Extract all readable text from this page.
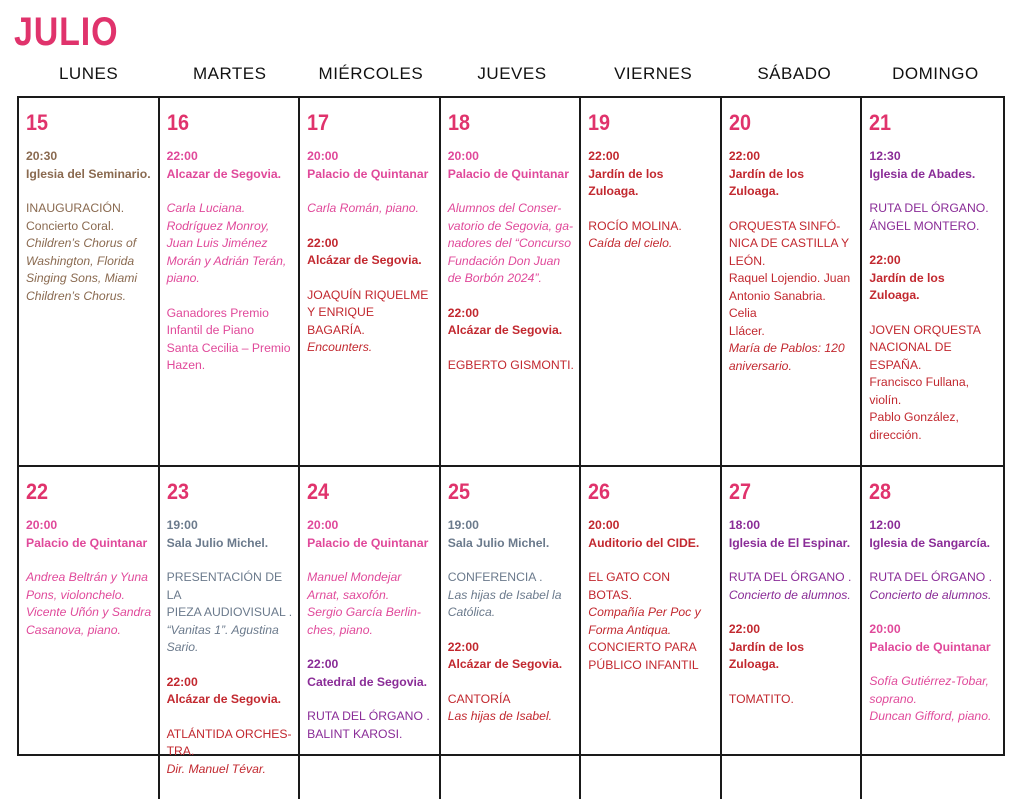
JULIO
LUNES	MARTES	MIÉRCOLES	JUEVES	VIERNES	SÁBADO	DOMINGO
15
20:30
Iglesia del Seminario.
INAUGURACIÓN.
Concierto Coral.
Children’s Chorus of
Washington, Florida
Singing Sons, Miami
Children’s Chorus.
16
22:00
Alcazar de Segovia.
Carla Luciana.
Rodríguez Monroy,
Juan Luis Jiménez
Morán y Adrián Terán,
piano.
Ganadores Premio
Infantil de Piano
Santa Cecilia – Premio
Hazen.
17
20:00
Palacio de Quintanar
Carla Román, piano.
22:00
Alcázar de Segovia.
JOAQUÍN RIQUELME
Y ENRIQUE BAGARÍA.
Encounters.
18
20:00
Palacio de Quintanar
Alumnos del Conser-
vatorio de Segovia, ga-
nadores del “Concurso
Fundación Don Juan
de Borbón 2024”.
22:00
Alcázar de Segovia.
EGBERTO GISMONTI.
19
22:00
Jardín de los Zuloaga.
ROCÍO MOLINA.
Caída del cielo.
20
22:00
Jardín de los Zuloaga.
ORQUESTA SINFÓ-
NICA DE CASTILLA Y
LEÓN.
Raquel Lojendio. Juan
Antonio Sanabria. Celia
Llácer.
María de Pablos: 120
aniversario.
21
12:30
Iglesia de Abades.
RUTA DEL ÓRGANO.
ÁNGEL MONTERO.
22:00
Jardín de los Zuloaga.
JOVEN ORQUESTA
NACIONAL DE ESPAÑA.
Francisco Fullana, violín.
Pablo González,
dirección.
22
20:00
Palacio de Quintanar
Andrea Beltrán y Yuna
Pons, violonchelo.
Vicente Uñón y Sandra
Casanova, piano.
23
19:00
Sala Julio Michel.
PRESENTACIÓN DE LA
PIEZA AUDIOVISUAL .
“Vanitas 1”. Agustina
Sario.
22:00
Alcázar de Segovia.
ATLÁNTIDA ORCHES-
TRA.
Dir. Manuel Tévar.
24
20:00
Palacio de Quintanar
Manuel Mondejar
Arnat, saxofón.
Sergio García Berlin-
ches, piano.
22:00
Catedral de Segovia.
RUTA DEL ÓRGANO .
BALINT KAROSI.
25
19:00
Sala Julio Michel.
CONFERENCIA .
Las hijas de Isabel la
Católica.
22:00
Alcázar de Segovia.
CANTORÍA
Las hijas de Isabel.
26
20:00
Auditorio del CIDE.
EL GATO CON BOTAS.
Compañía Per Poc y
Forma Antiqua.
CONCIERTO PARA
PÚBLICO INFANTIL
27
18:00
Iglesia de El Espinar.
RUTA DEL ÓRGANO .
Concierto de alumnos.
22:00
Jardín de los Zuloaga.
TOMATITO.
28
12:00
Iglesia de Sangarcía.
RUTA DEL ÓRGANO .
Concierto de alumnos.
20:00
Palacio de Quintanar
Sofía Gutiérrez-Tobar,
soprano.
Duncan Gifford, piano.
